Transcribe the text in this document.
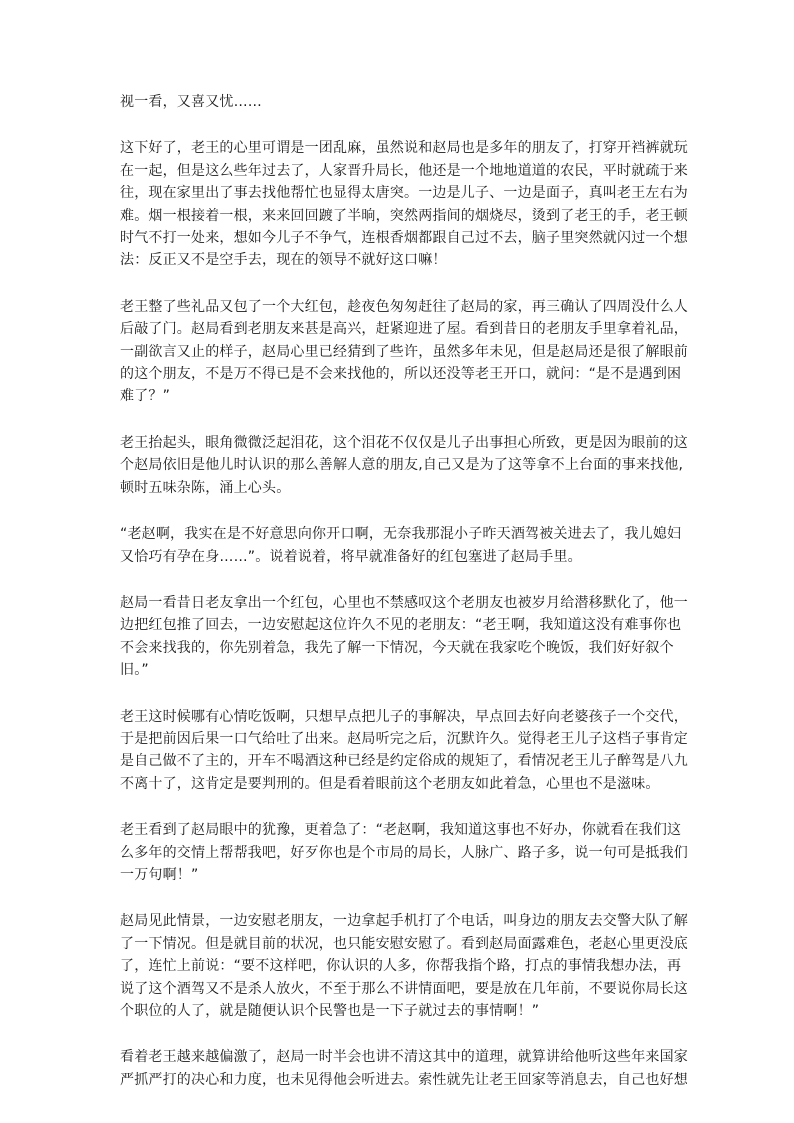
视一看，又喜又忧……

这下好了，老王的心里可谓是一团乱麻，虽然说和赵局也是多年的朋友了，打穿开裆裤就玩
在一起，但是这么些年过去了，人家晋升局长，他还是一个地地道道的农民，平时就疏于来
往，现在家里出了事去找他帮忙也显得太唐突。一边是儿子、一边是面子，真叫老王左右为
难。烟一根接着一根，来来回回踱了半晌，突然两指间的烟烧尽，烫到了老王的手，老王顿
时气不打一处来，想如今儿子不争气，连根香烟都跟自己过不去，脑子里突然就闪过一个想
法：反正又不是空手去，现在的领导不就好这口嘛！

老王整了些礼品又包了一个大红包，趁夜色匆匆赶往了赵局的家，再三确认了四周没什么人
后敲了门。赵局看到老朋友来甚是高兴，赶紧迎进了屋。看到昔日的老朋友手里拿着礼品，
一副欲言又止的样子，赵局心里已经猜到了些许，虽然多年未见，但是赵局还是很了解眼前
的这个朋友，不是万不得已是不会来找他的，所以还没等老王开口，就问：“是不是遇到困
难了？”

老王抬起头，眼角微微泛起泪花，这个泪花不仅仅是儿子出事担心所致，更是因为眼前的这
个赵局依旧是他儿时认识的那么善解人意的朋友,自己又是为了这等拿不上台面的事来找他,
顿时五味杂陈，涌上心头。

“老赵啊，我实在是不好意思向你开口啊，无奈我那混小子昨天酒驾被关进去了，我儿媳妇
又恰巧有孕在身……”。说着说着，将早就准备好的红包塞进了赵局手里。

赵局一看昔日老友拿出一个红包，心里也不禁感叹这个老朋友也被岁月给潜移默化了，他一
边把红包推了回去，一边安慰起这位许久不见的老朋友：“老王啊，我知道这没有难事你也
不会来找我的，你先别着急，我先了解一下情况，今天就在我家吃个晚饭，我们好好叙个
旧。”

老王这时候哪有心情吃饭啊，只想早点把儿子的事解决，早点回去好向老婆孩子一个交代，
于是把前因后果一口气给吐了出来。赵局听完之后，沉默许久。觉得老王儿子这档子事肯定
是自己做不了主的，开车不喝酒这种已经是约定俗成的规矩了，看情况老王儿子醉驾是八九
不离十了，这肯定是要判刑的。但是看着眼前这个老朋友如此着急，心里也不是滋味。

老王看到了赵局眼中的犹豫，更着急了：“老赵啊，我知道这事也不好办，你就看在我们这
么多年的交情上帮帮我吧，好歹你也是个市局的局长，人脉广、路子多，说一句可是抵我们
一万句啊！”

赵局见此情景，一边安慰老朋友，一边拿起手机打了个电话，叫身边的朋友去交警大队了解
了一下情况。但是就目前的状况，也只能安慰安慰了。看到赵局面露难色，老赵心里更没底
了，连忙上前说：“要不这样吧，你认识的人多，你帮我指个路，打点的事情我想办法，再
说了这个酒驾又不是杀人放火，不至于那么不讲情面吧，要是放在几年前，不要说你局长这
个职位的人了，就是随便认识个民警也是一下子就过去的事情啊！”

看着老王越来越偏激了，赵局一时半会也讲不清这其中的道理，就算讲给他听这些年来国家
严抓严打的决心和力度，也未见得他会听进去。索性就先让老王回家等消息去，自己也好想
